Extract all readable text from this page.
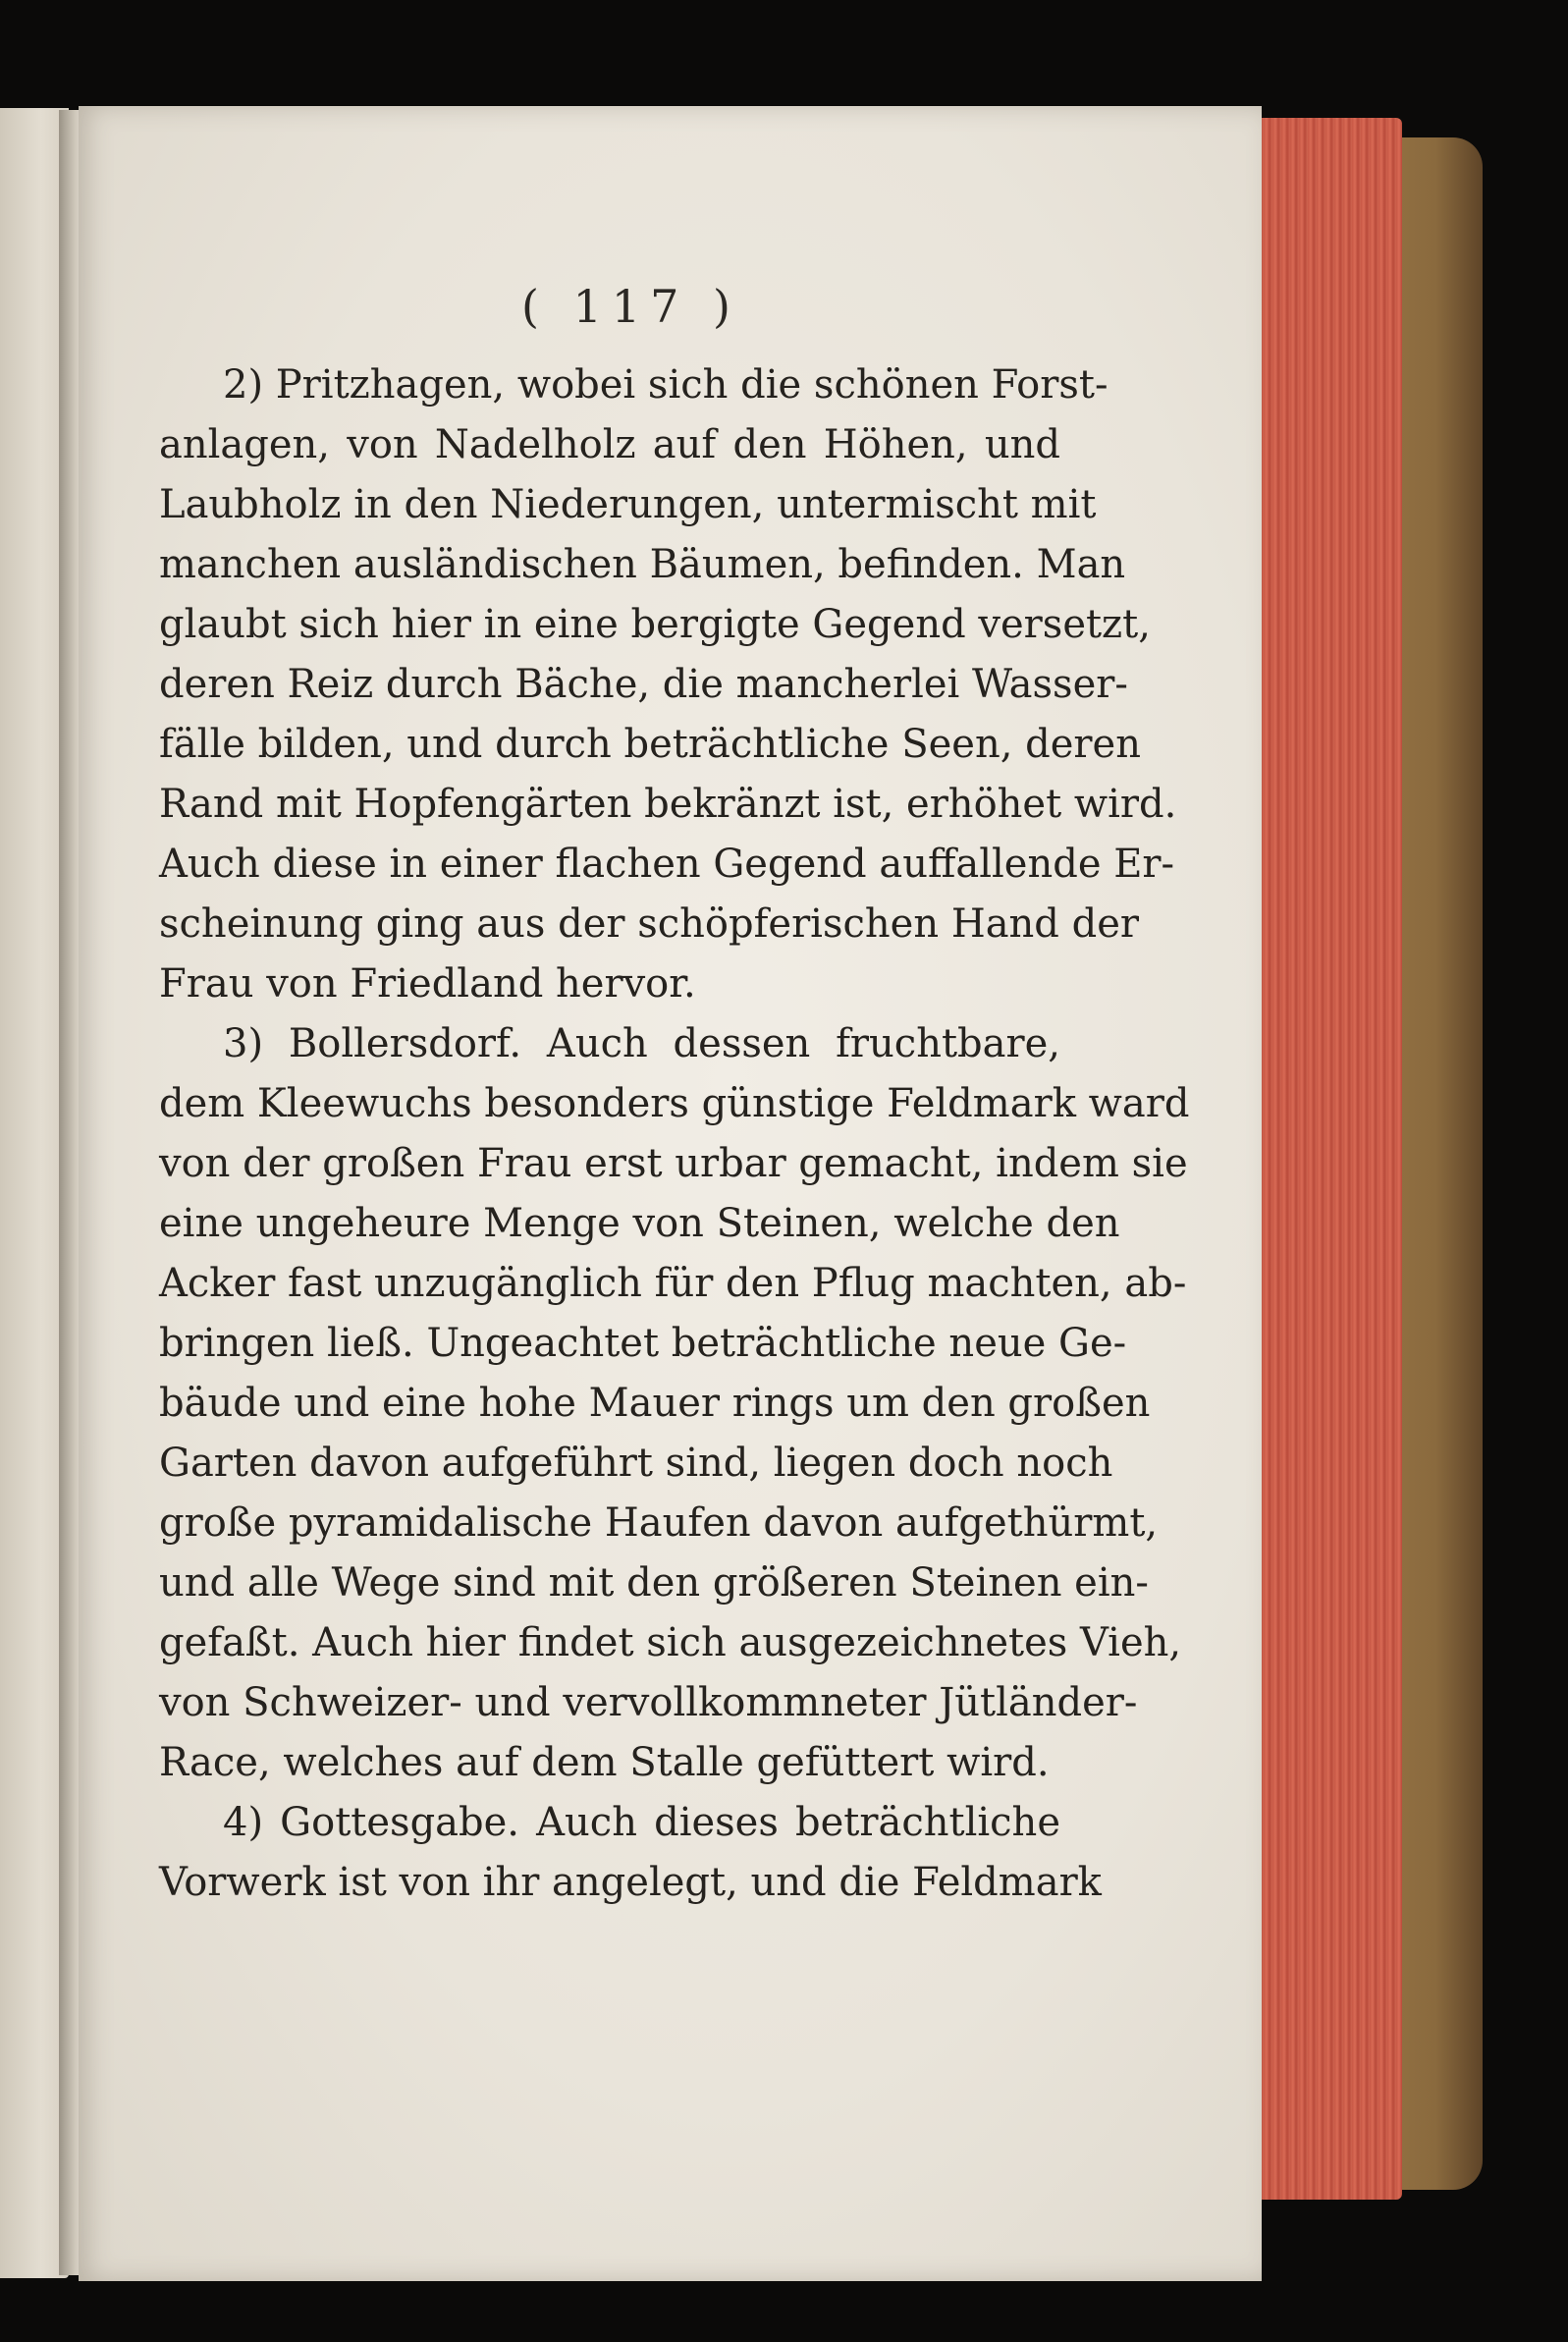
( 117 )
2) Pritzhagen, wobei sich die schönen Forst-
anlagen, von Nadelholz auf den Höhen, und
Laubholz in den Niederungen, untermischt mit
manchen ausländischen Bäumen, befinden. Man
glaubt sich hier in eine bergigte Gegend versetzt,
deren Reiz durch Bäche, die mancherlei Wasser-
fälle bilden, und durch beträchtliche Seen, deren
Rand mit Hopfengärten bekränzt ist, erhöhet wird.
Auch diese in einer flachen Gegend auffallende Er-
scheinung ging aus der schöpferischen Hand der
Frau von Friedland hervor.
3) Bollersdorf. Auch dessen fruchtbare,
dem Kleewuchs besonders günstige Feldmark ward
von der großen Frau erst urbar gemacht, indem sie
eine ungeheure Menge von Steinen, welche den
Acker fast unzugänglich für den Pflug machten, ab-
bringen ließ. Ungeachtet beträchtliche neue Ge-
bäude und eine hohe Mauer rings um den großen
Garten davon aufgeführt sind, liegen doch noch
große pyramidalische Haufen davon aufgethürmt,
und alle Wege sind mit den größeren Steinen ein-
gefaßt. Auch hier findet sich ausgezeichnetes Vieh,
von Schweizer- und vervollkommneter Jütländer-
Race, welches auf dem Stalle gefüttert wird.
4) Gottesgabe. Auch dieses beträchtliche
Vorwerk ist von ihr angelegt, und die Feldmark
